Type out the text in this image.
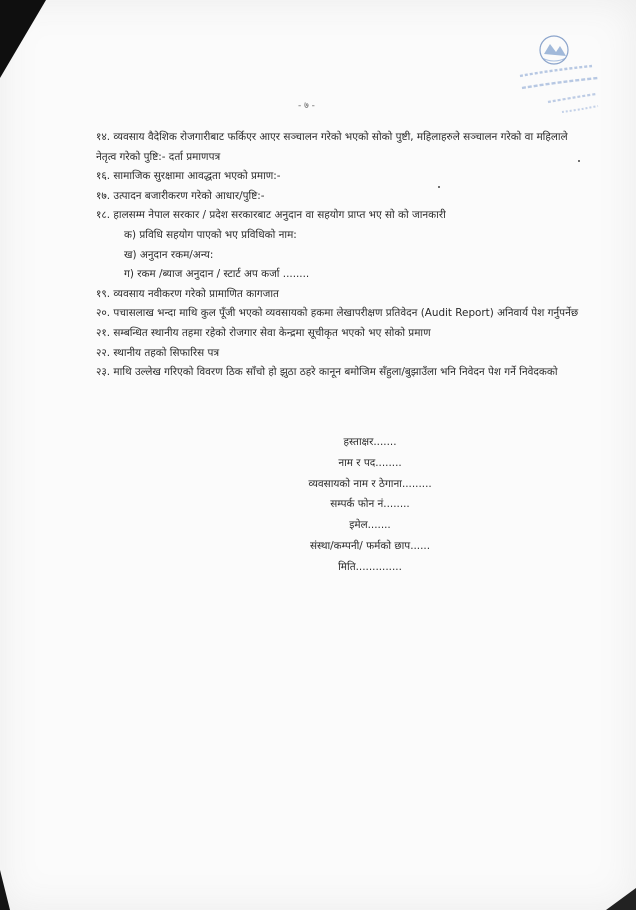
- ७ -
१४. व्यवसाय वैदेशिक रोजगारीबाट फर्किएर आएर सञ्चालन गरेको भएको सोको पुष्टी, महिलाहरुले सञ्चालन गरेको वा महिलाले नेतृत्व गरेको पुष्टि:- दर्ता प्रमाणपत्र
१६. सामाजिक सुरक्षामा आवद्धता भएको प्रमाण:-
१७. उत्पादन बजारीकरण गरेको आधार/पुष्टि:-
१८. हालसम्म नेपाल सरकार / प्रदेश सरकारबाट अनुदान वा सहयोग प्राप्त भए सो को जानकारी
क) प्रविधि सहयोग पाएको भए प्रविधिको नाम:
ख) अनुदान रकम/अन्य:
ग) रकम /ब्याज अनुदान / स्टार्ट अप कर्जा ........
१९. व्यवसाय नवीकरण गरेको प्रामाणित कागजात
२०. पचासलाख भन्दा माथि कुल पूँजी भएको व्यवसायको हकमा लेखापरीक्षण प्रतिवेदन (Audit Report) अनिवार्य पेश गर्नुपर्नेछ
२१. सम्बन्धित स्थानीय तहमा रहेको रोजगार सेवा केन्द्रमा सूचीकृत भएको भए सोको प्रमाण
२२. स्थानीय तहको सिफारिस पत्र
२३. माथि उल्लेख गरिएको विवरण ठिक साँचो हो झुठा ठहरे कानून बमोजिम सँहुला/बुझाउँला भनि निवेदन पेश गर्ने निवेदकको
हस्ताक्षर.......
नाम र पद........
व्यवसायको नाम र ठेगाना.........
सम्पर्क फोन नं........
इमेल.......
संस्था/कम्पनी/ फर्मको छाप......
मिति..............
